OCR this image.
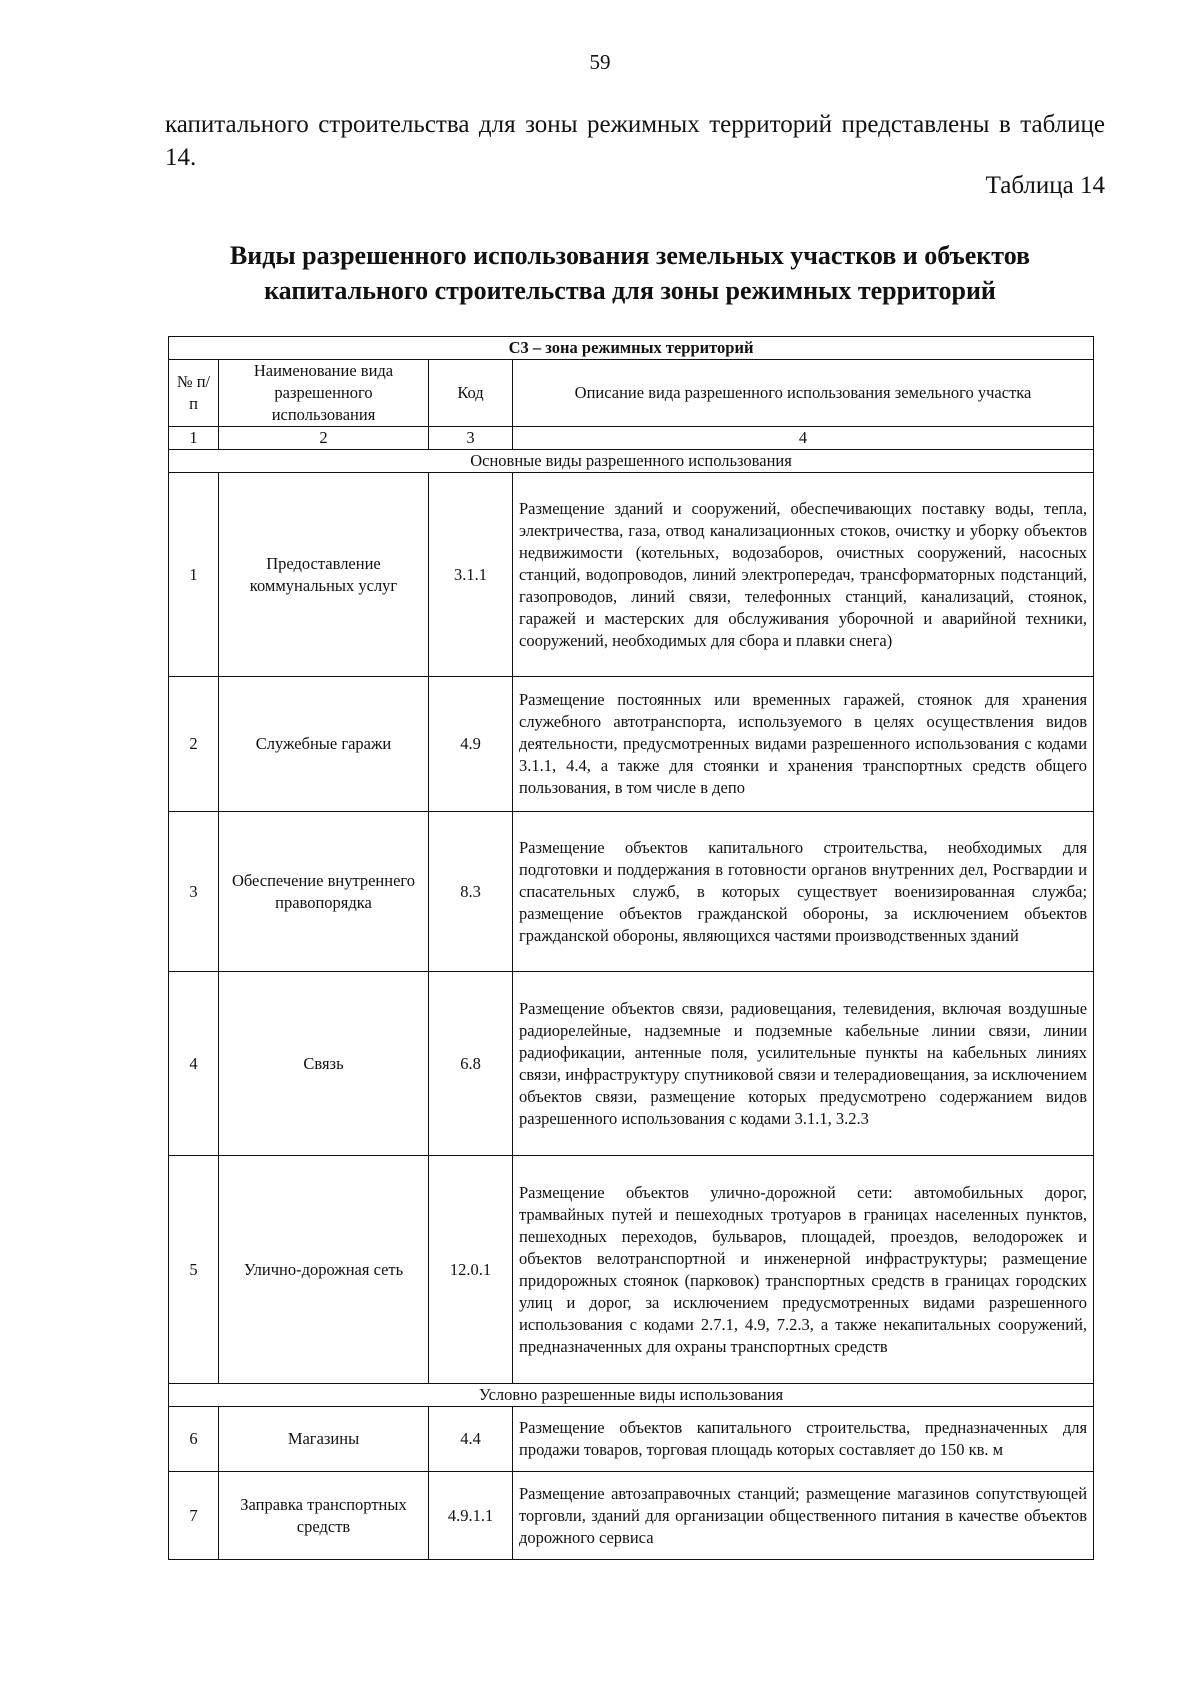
59
капитального строительства для зоны режимных территорий представлены в таблице 14.
Таблица 14
Виды разрешенного использования земельных участков и объектов
капитального строительства для зоны режимных территорий
С3 – зона режимных территорий			
№ п/п	Наименование вида разрешенного использования	Код	Описание вида разрешенного использования земельного участка
1	2	3	4
Основные виды разрешенного использования			
1	Предоставление коммунальных услуг	3.1.1	Размещение зданий и сооружений, обеспечивающих поставку воды, тепла, электричества, газа, отвод канализационных стоков, очистку и уборку объектов недвижимости (котельных, водозаборов, очистных сооружений, насосных станций, водопроводов, линий электропередач, трансформаторных подстанций, газопроводов, линий связи, телефонных станций, канализаций, стоянок, гаражей и мастерских для обслуживания уборочной и аварийной техники, сооружений, необходимых для сбора и плавки снега)
2	Служебные гаражи	4.9	Размещение постоянных или временных гаражей, стоянок для хранения служебного автотранспорта, используемого в целях осуществления видов деятельности, предусмотренных видами разрешенного использования с кодами 3.1.1, 4.4, а также для стоянки и хранения транспортных средств общего пользования, в том числе в депо
3	Обеспечение внутреннего правопорядка	8.3	Размещение объектов капитального строительства, необходимых для подготовки и поддержания в готовности органов внутренних дел, Росгвардии и спасательных служб, в которых существует военизированная служба; размещение объектов гражданской обороны, за исключением объектов гражданской обороны, являющихся частями производственных зданий
4	Связь	6.8	Размещение объектов связи, радиовещания, телевидения, включая воздушные радиорелейные, надземные и подземные кабельные линии связи, линии радиофикации, антенные поля, усилительные пункты на кабельных линиях связи, инфраструктуру спутниковой связи и телерадиовещания, за исключением объектов связи, размещение которых предусмотрено содержанием видов разрешенного использования с кодами 3.1.1, 3.2.3
5	Улично-дорожная сеть	12.0.1	Размещение объектов улично-дорожной сети: автомобильных дорог, трамвайных путей и пешеходных тротуаров в границах населенных пунктов, пешеходных переходов, бульваров, площадей, проездов, велодорожек и объектов велотранспортной и инженерной инфраструктуры; размещение придорожных стоянок (парковок) транспортных средств в границах городских улиц и дорог, за исключением предусмотренных видами разрешенного использования с кодами 2.7.1, 4.9, 7.2.3, а также некапитальных сооружений, предназначенных для охраны транспортных средств
Условно разрешенные виды использования			
6	Магазины	4.4	Размещение объектов капитального строительства, предназначенных для продажи товаров, торговая площадь которых составляет до 150 кв. м
7	Заправка транспортных средств	4.9.1.1	Размещение автозаправочных станций; размещение магазинов сопутствующей торговли, зданий для организации общественного питания в качестве объектов дорожного сервиса
